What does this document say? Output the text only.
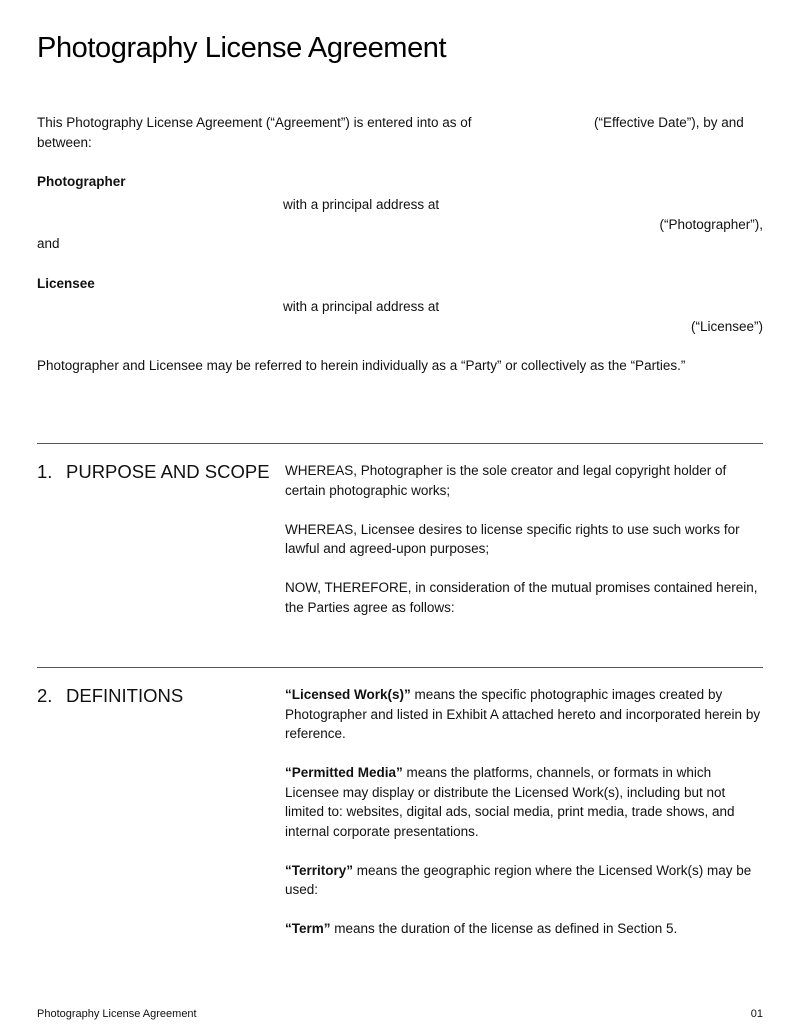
Photography License Agreement
This Photography License Agreement (“Agreement”) is entered into as of	(“Effective Date”), by and
between:
Photographer
with a principal address at
(“Photographer”),
and
Licensee
with a principal address at
(“Licensee”)
Photographer and Licensee may be referred to herein individually as a “Party” or collectively as the “Parties.”
1. PURPOSE AND SCOPE WHEREAS, Photographer is the sole creator and legal copyright holder of certain photographic works;

WHEREAS, Licensee desires to license specific rights to use such works for lawful and agreed-upon purposes;

NOW, THEREFORE, in consideration of the mutual promises contained herein, the Parties agree as follows:

2. DEFINITIONS	“Licensed Work(s)” means the specific photographic images created by Photographer and listed in Exhibit A attached hereto and incorporated herein by reference.

“Permitted Media” means the platforms, channels, or formats in which Licensee may display or distribute the Licensed Work(s), including but not limited to: websites, digital ads, social media, print media, trade shows, and internal corporate presentations.

“Territory” means the geographic region where the Licensed Work(s) may be used:

“Term” means the duration of the license as defined in Section 5.

Photography License Agreement	01
